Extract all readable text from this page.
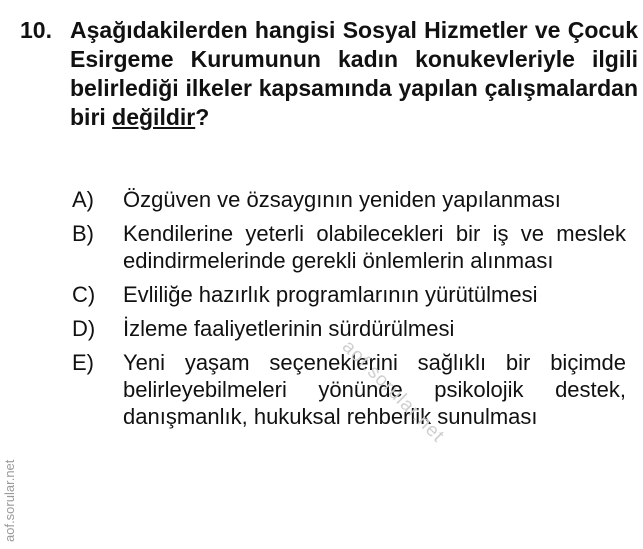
10. Aşağıdakilerden hangisi Sosyal Hizmetler ve Çocuk Esirgeme Kurumunun kadın konukevleriyle ilgili belirlediği ilkeler kapsamında yapılan çalışmalardan biri değildir?
A)	Özgüven ve özsaygının yeniden yapılanması
B)	Kendilerine yeterli olabilecekleri bir iş ve meslek edindirmelerinde gerekli önlemlerin alınması
C)	Evliliğe hazırlık programlarının yürütülmesi
D)	İzleme faaliyetlerinin sürdürülmesi
E)	Yeni yaşam seçeneklerini sağlıklı bir biçimde belirleyebilmeleri yönünde psikolojik destek, danışmanlık, hukuksal rehberlik sunulması
aof.sorular.net
aof.sorular.net
